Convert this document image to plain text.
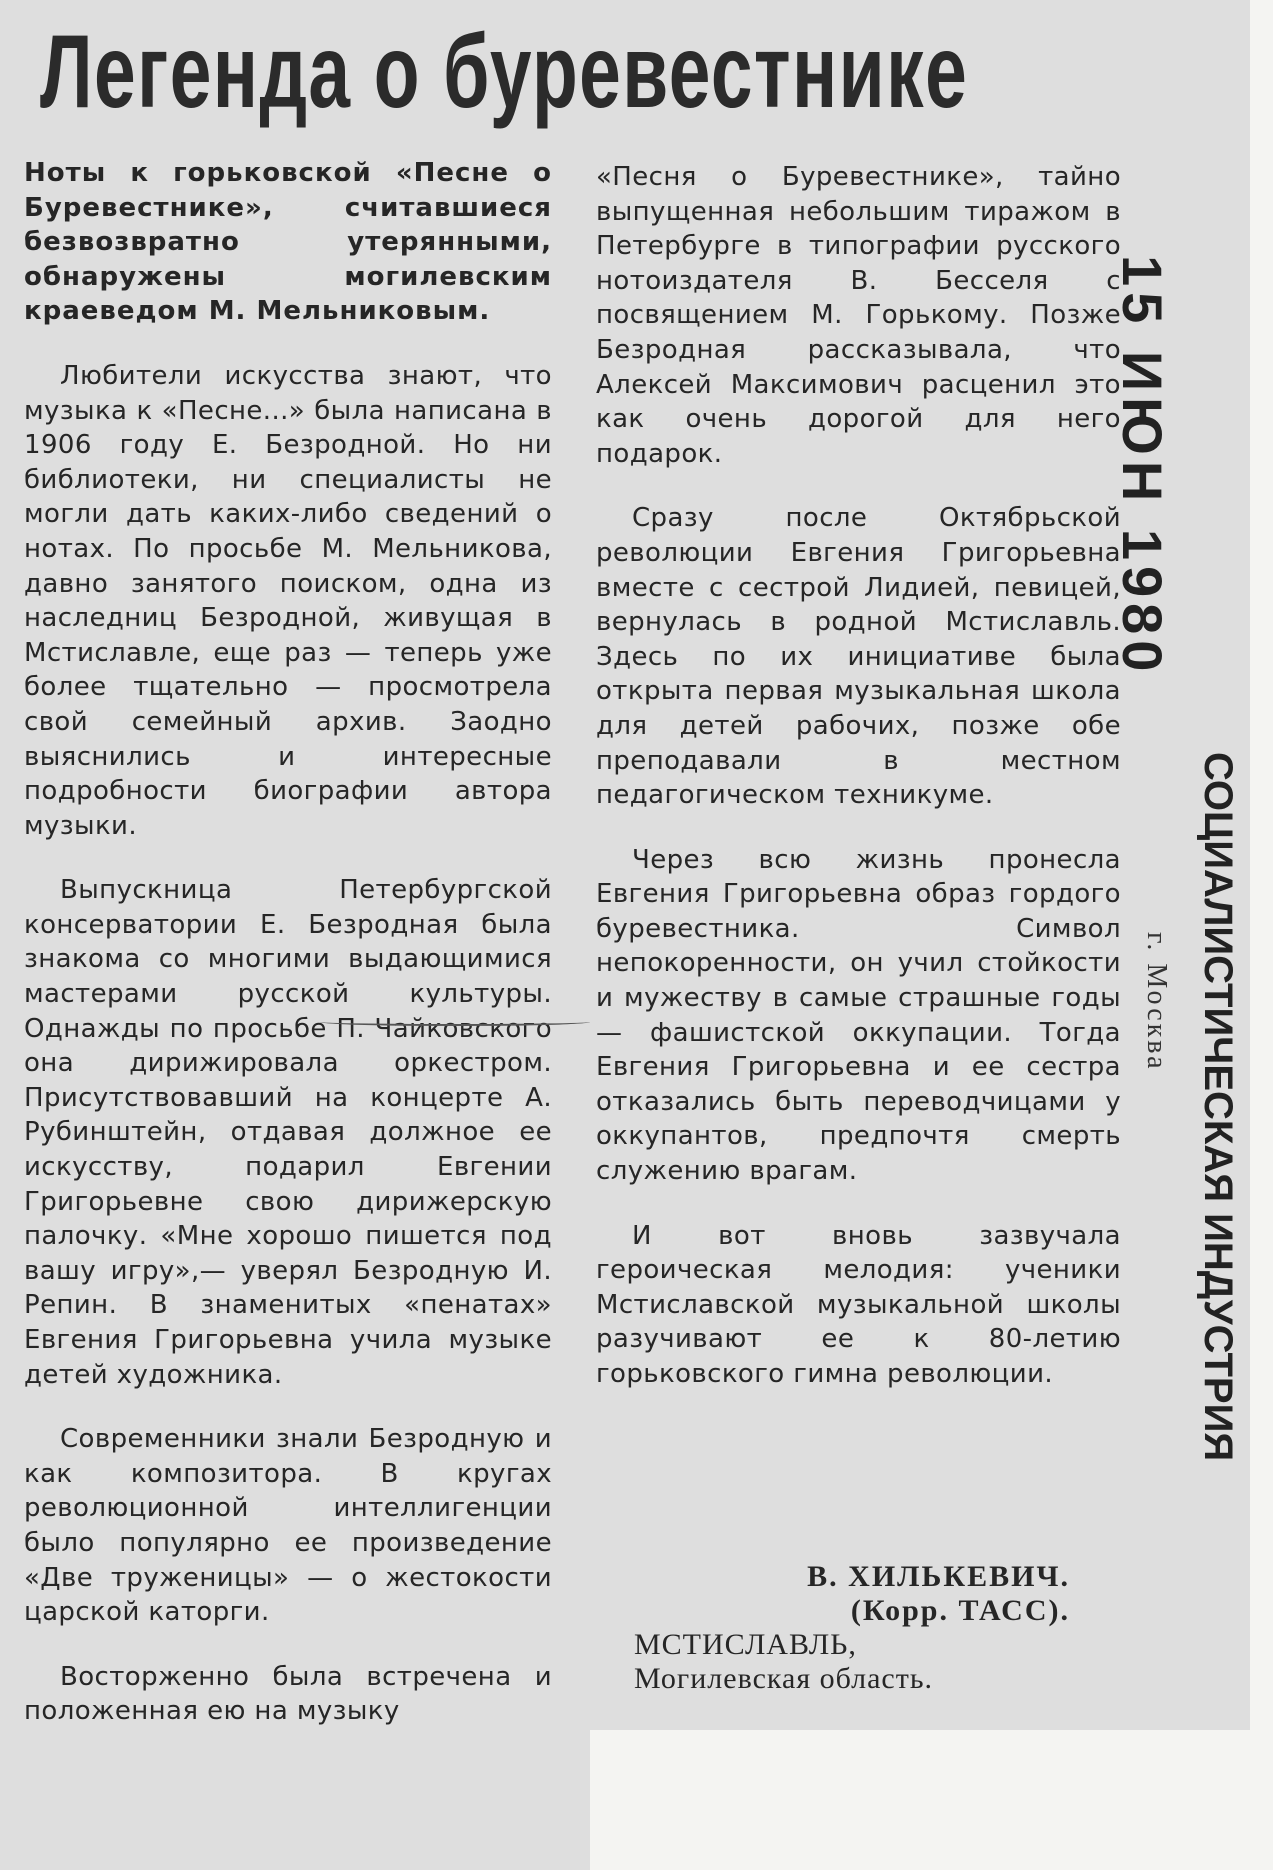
Легенда о буревестнике

Ноты к горьковской «Песне о Буревестнике», считавшиеся безвозвратно утерянными, обнаружены могилевским краеведом М. Мельниковым.

Любители искусства знают, что музыка к «Песне...» была написана в 1906 году Е. Безродной. Но ни библиотеки, ни специалисты не могли дать каких-либо сведений о нотах. По просьбе М. Мельникова, давно занятого поиском, одна из наследниц Безродной, живущая в Мстиславле, еще раз — теперь уже более тщательно — просмотрела свой семейный архив. Заодно выяснились и интересные подробности биографии автора музыки.

Выпускница Петербургской консерватории Е. Безродная была знакома со многими выдающимися мастерами русской культуры. Однажды по просьбе П. Чайковского она дирижировала оркестром. Присутствовавший на концерте А. Рубинштейн, отдавая должное ее искусству, подарил Евгении Григорьевне свою дирижерскую палочку. «Мне хорошо пишется под вашу игру»,— уверял Безродную И. Репин. В знаменитых «пенатах» Евгения Григорьевна учила музыке детей художника.

Современники знали Безродную и как композитора. В кругах революционной интеллигенции было популярно ее произведение «Две труженицы» — о жестокости царской каторги.

Восторженно была встречена и положенная ею на музыку

«Песня о Буревестнике», тайно выпущенная небольшим тиражом в Петербурге в типографии русского нотоиздателя В. Бесселя с посвящением М. Горькому. Позже Безродная рассказывала, что Алексей Максимович расценил это как очень дорогой для него подарок.

Сразу после Октябрьской революции Евгения Григорьевна вместе с сестрой Лидией, певицей, вернулась в родной Мстиславль. Здесь по их инициативе была открыта первая музыкальная школа для детей рабочих, позже обе преподавали в местном педагогическом техникуме.

Через всю жизнь пронесла Евгения Григорьевна образ гордого буревестника. Символ непокоренности, он учил стойкости и мужеству в самые страшные годы — фашистской оккупации. Тогда Евгения Григорьевна и ее сестра отказались быть переводчицами у оккупантов, предпочтя смерть служению врагам.

И вот вновь зазвучала героическая мелодия: ученики Мстиславской музыкальной школы разучивают ее к 80-летию горьковского гимна революции.

В. ХИЛЬКЕВИЧ.
(Корр. ТАСС).
МСТИСЛАВЛЬ,
Могилевская область.
15 ИЮН 1980
СОЦИАЛИСТИЧЕСКАЯ ИНДУСТРИЯ
г. Москва
